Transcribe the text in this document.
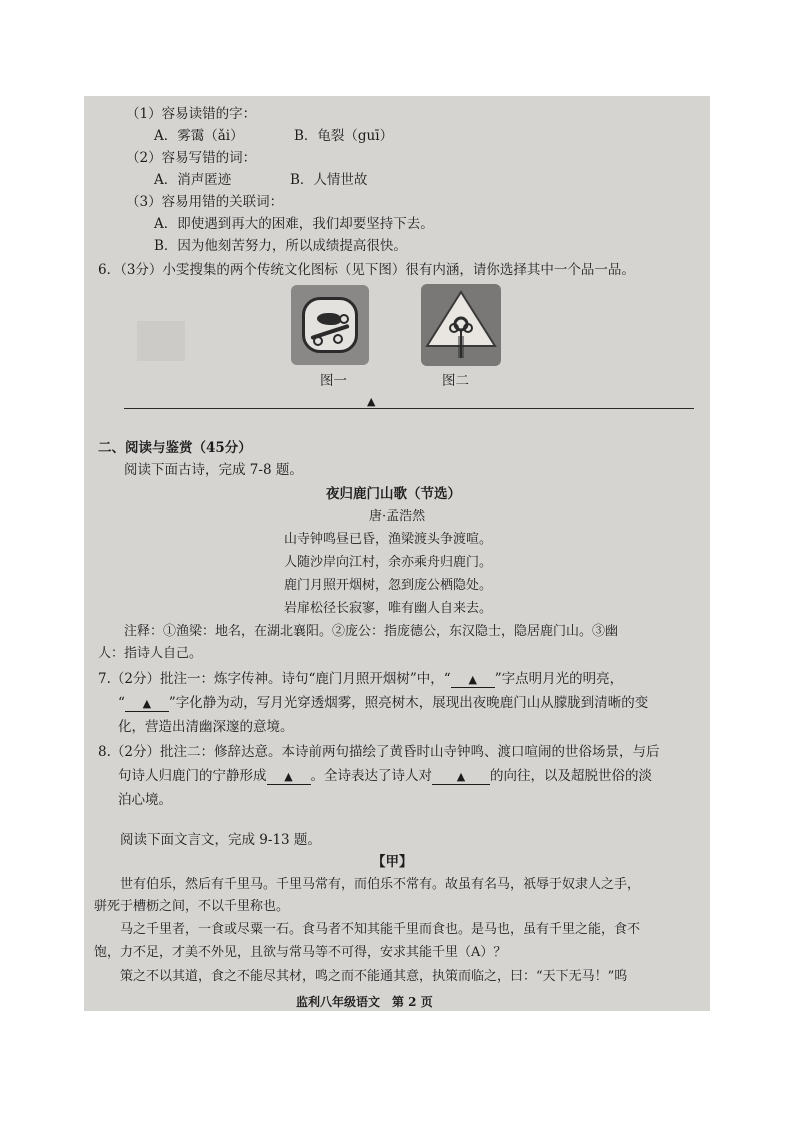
（1）容易读错的字：
A．雾霭（ǎi）	B．龟裂（guī）
（2）容易写错的词：
A．消声匿迹	B．人情世故
（3）容易用错的关联词：
A．即使遇到再大的困难，我们却要坚持下去。
B．因为他刻苦努力，所以成绩提高很快。
6．（3分）小雯搜集的两个传统文化图标（见下图）很有内涵，请你选择其中一个品一品。
图一	图二
▲
二、阅读与鉴赏（45分）
阅读下面古诗，完成 7-8 题。
夜归鹿门山歌（节选）
唐·孟浩然
山寺钟鸣昼已昏，渔梁渡头争渡喧。
人随沙岸向江村，余亦乘舟归鹿门。
鹿门月照开烟树，忽到庞公栖隐处。
岩扉松径长寂寥，唯有幽人自来去。
注释：①渔梁：地名，在湖北襄阳。②庞公：指庞德公，东汉隐士，隐居鹿门山。③幽
人：指诗人自己。
7.（2分）批注一：炼字传神。诗句“鹿门月照开烟树”中，“ ▲ ”字点明月光的明亮，
“ ▲ ”字化静为动，写月光穿透烟雾，照亮树木，展现出夜晚鹿门山从朦胧到清晰的变
化，营造出清幽深邃的意境。
8.（2分）批注二：修辞达意。本诗前两句描绘了黄昏时山寺钟鸣、渡口喧闹的世俗场景，与后
句诗人归鹿门的宁静形成 ▲ 。全诗表达了诗人对 ▲ 的向往，以及超脱世俗的淡
泊心境。
阅读下面文言文，完成 9-13 题。
【甲】
世有伯乐，然后有千里马。千里马常有，而伯乐不常有。故虽有名马，祇辱于奴隶人之手，
骈死于槽枥之间，不以千里称也。
马之千里者，一食或尽粟一石。食马者不知其能千里而食也。是马也，虽有千里之能，食不
饱，力不足，才美不外见，且欲与常马等不可得，安求其能千里（A）？
策之不以其道，食之不能尽其材，鸣之而不能通其意，执策而临之，曰：“天下无马！”呜
监利八年级语文　第 2 页
